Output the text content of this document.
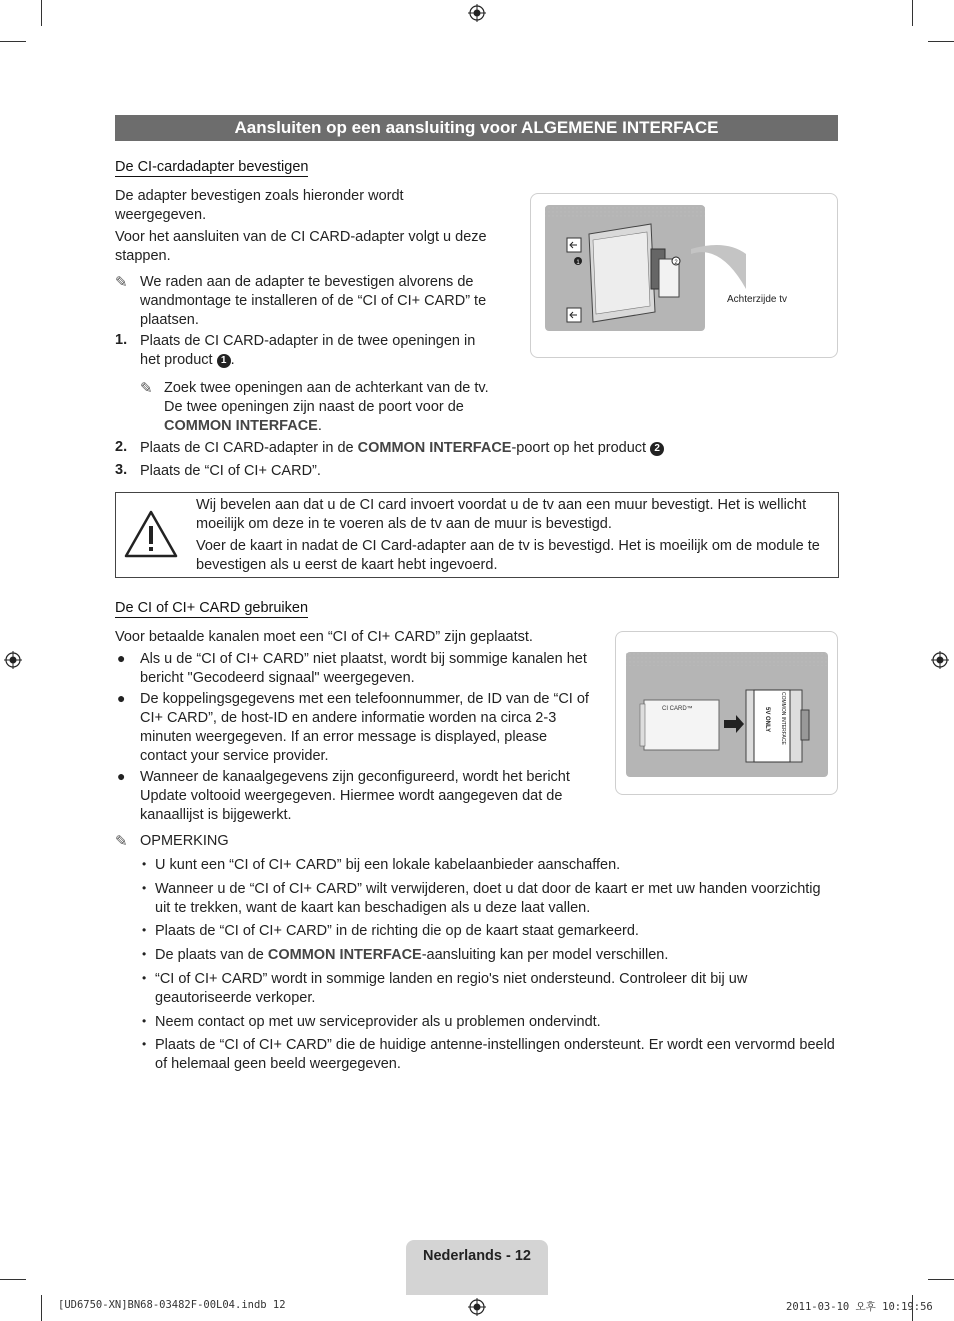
Aansluiten op een aansluiting voor ALGEMENE INTERFACE
De CI-cardadapter bevestigen
De adapter bevestigen zoals hieronder wordt weergegeven.
Voor het aansluiten van de CI CARD-adapter volgt u deze stappen.
✎ We raden aan de adapter te bevestigen alvorens de wandmontage te installeren of de “CI of CI+ CARD” te plaatsen.
1. Plaats de CI CARD-adapter in de twee openingen in het product 1 .
✎ Zoek twee openingen aan de achterkant van de tv. De twee openingen zijn naast de poort voor de COMMON INTERFACE.
2. Plaats de CI CARD-adapter in de COMMON INTERFACE-poort op het product 2
3. Plaats de “CI of CI+ CARD”.
1	2
Achterzijde tv
Wij bevelen aan dat u de CI card invoert voordat u de tv aan een muur bevestigt. Het is wellicht moeilijk om deze in te voeren als de tv aan de muur is bevestigd.
Voer de kaart in nadat de CI Card-adapter aan de tv is bevestigd. Het is moeilijk om de module te bevestigen als u eerst de kaart hebt ingevoerd.
De CI of CI+ CARD gebruiken
Voor betaalde kanalen moet een “CI of CI+ CARD” zijn geplaatst.
● Als u de “CI of CI+ CARD” niet plaatst, wordt bij sommige kanalen het bericht "Gecodeerd signaal" weergegeven.
● De koppelingsgegevens met een telefoonnummer, de ID van de “CI of CI+ CARD”, de host-ID en andere informatie worden na circa 2-3 minuten weergegeven. If an error message is displayed, please contact your service provider.
● Wanneer de kanaalgegevens zijn geconfigureerd, wordt het bericht Update voltooid weergegeven. Hiermee wordt aangegeven dat de kanaallijst is bijgewerkt.
CI CARD™	COMMON INTERFACE
5V ONLY
✎ OPMERKING
• U kunt een “CI of CI+ CARD” bij een lokale kabelaanbieder aanschaffen.
• Wanneer u de “CI of CI+ CARD” wilt verwijderen, doet u dat door de kaart er met uw handen voorzichtig uit te trekken, want de kaart kan beschadigen als u deze laat vallen.
• Plaats de “CI of CI+ CARD” in de richting die op de kaart staat gemarkeerd.
• De plaats van de COMMON INTERFACE-aansluiting kan per model verschillen.
• “CI of CI+ CARD” wordt in sommige landen en regio's niet ondersteund. Controleer dit bij uw geautoriseerde verkoper.
• Neem contact op met uw serviceprovider als u problemen ondervindt.
• Plaats de “CI of CI+ CARD” die de huidige antenne-instellingen ondersteunt. Er wordt een vervormd beeld of helemaal geen beeld weergegeven.
Nederlands - 12
[UD6750-XN]BN68-03482F-00L04.indb 12	2011-03-10 오후 10:19:56
